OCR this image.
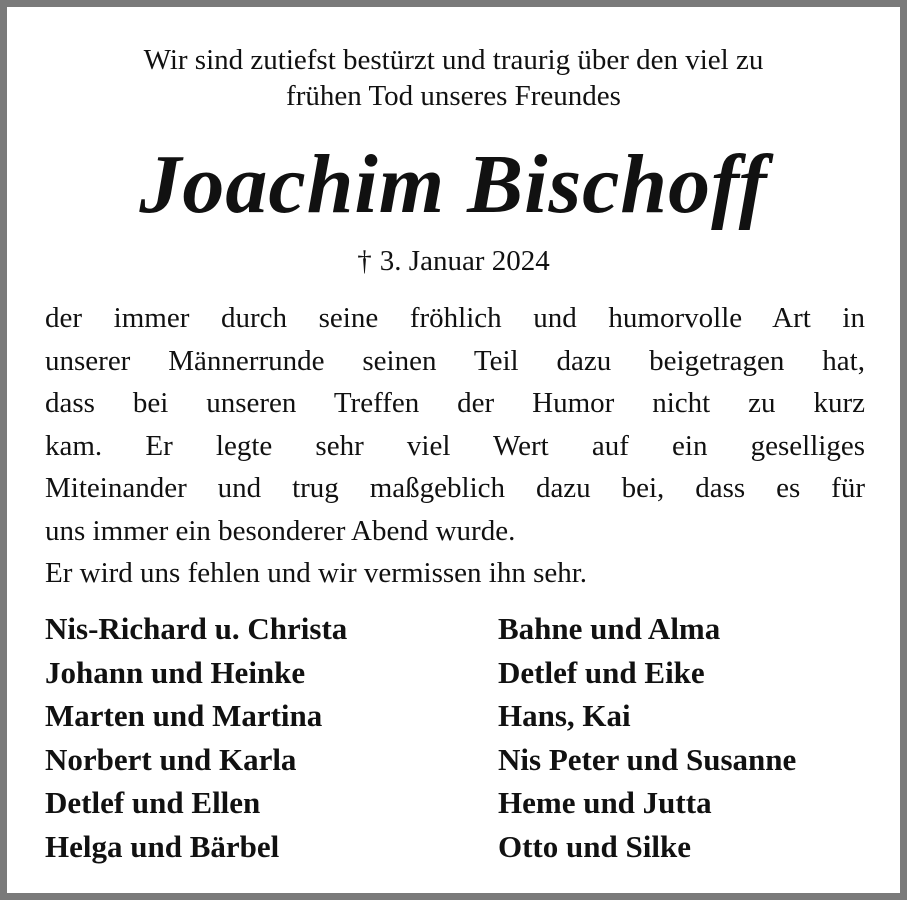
Wir sind zutiefst bestürzt und traurig über den viel zu
frühen Tod unseres Freundes
Joachim Bischoff
† 3. Januar 2024
der immer durch seine fröhlich und humorvolle Art in
unserer Männerrunde seinen Teil dazu beigetragen hat,
dass bei unseren Treffen der Humor nicht zu kurz
kam. Er legte sehr viel Wert auf ein geselliges
Miteinander und trug maßgeblich dazu bei, dass es für
uns immer ein besonderer Abend wurde.
Er wird uns fehlen und wir vermissen ihn sehr.
Nis-Richard u. Christa
Johann und Heinke
Marten und Martina
Norbert und Karla
Detlef und Ellen
Helga und Bärbel
Bahne und Alma
Detlef und Eike
Hans, Kai
Nis Peter und Susanne
Heme und Jutta
Otto und Silke
